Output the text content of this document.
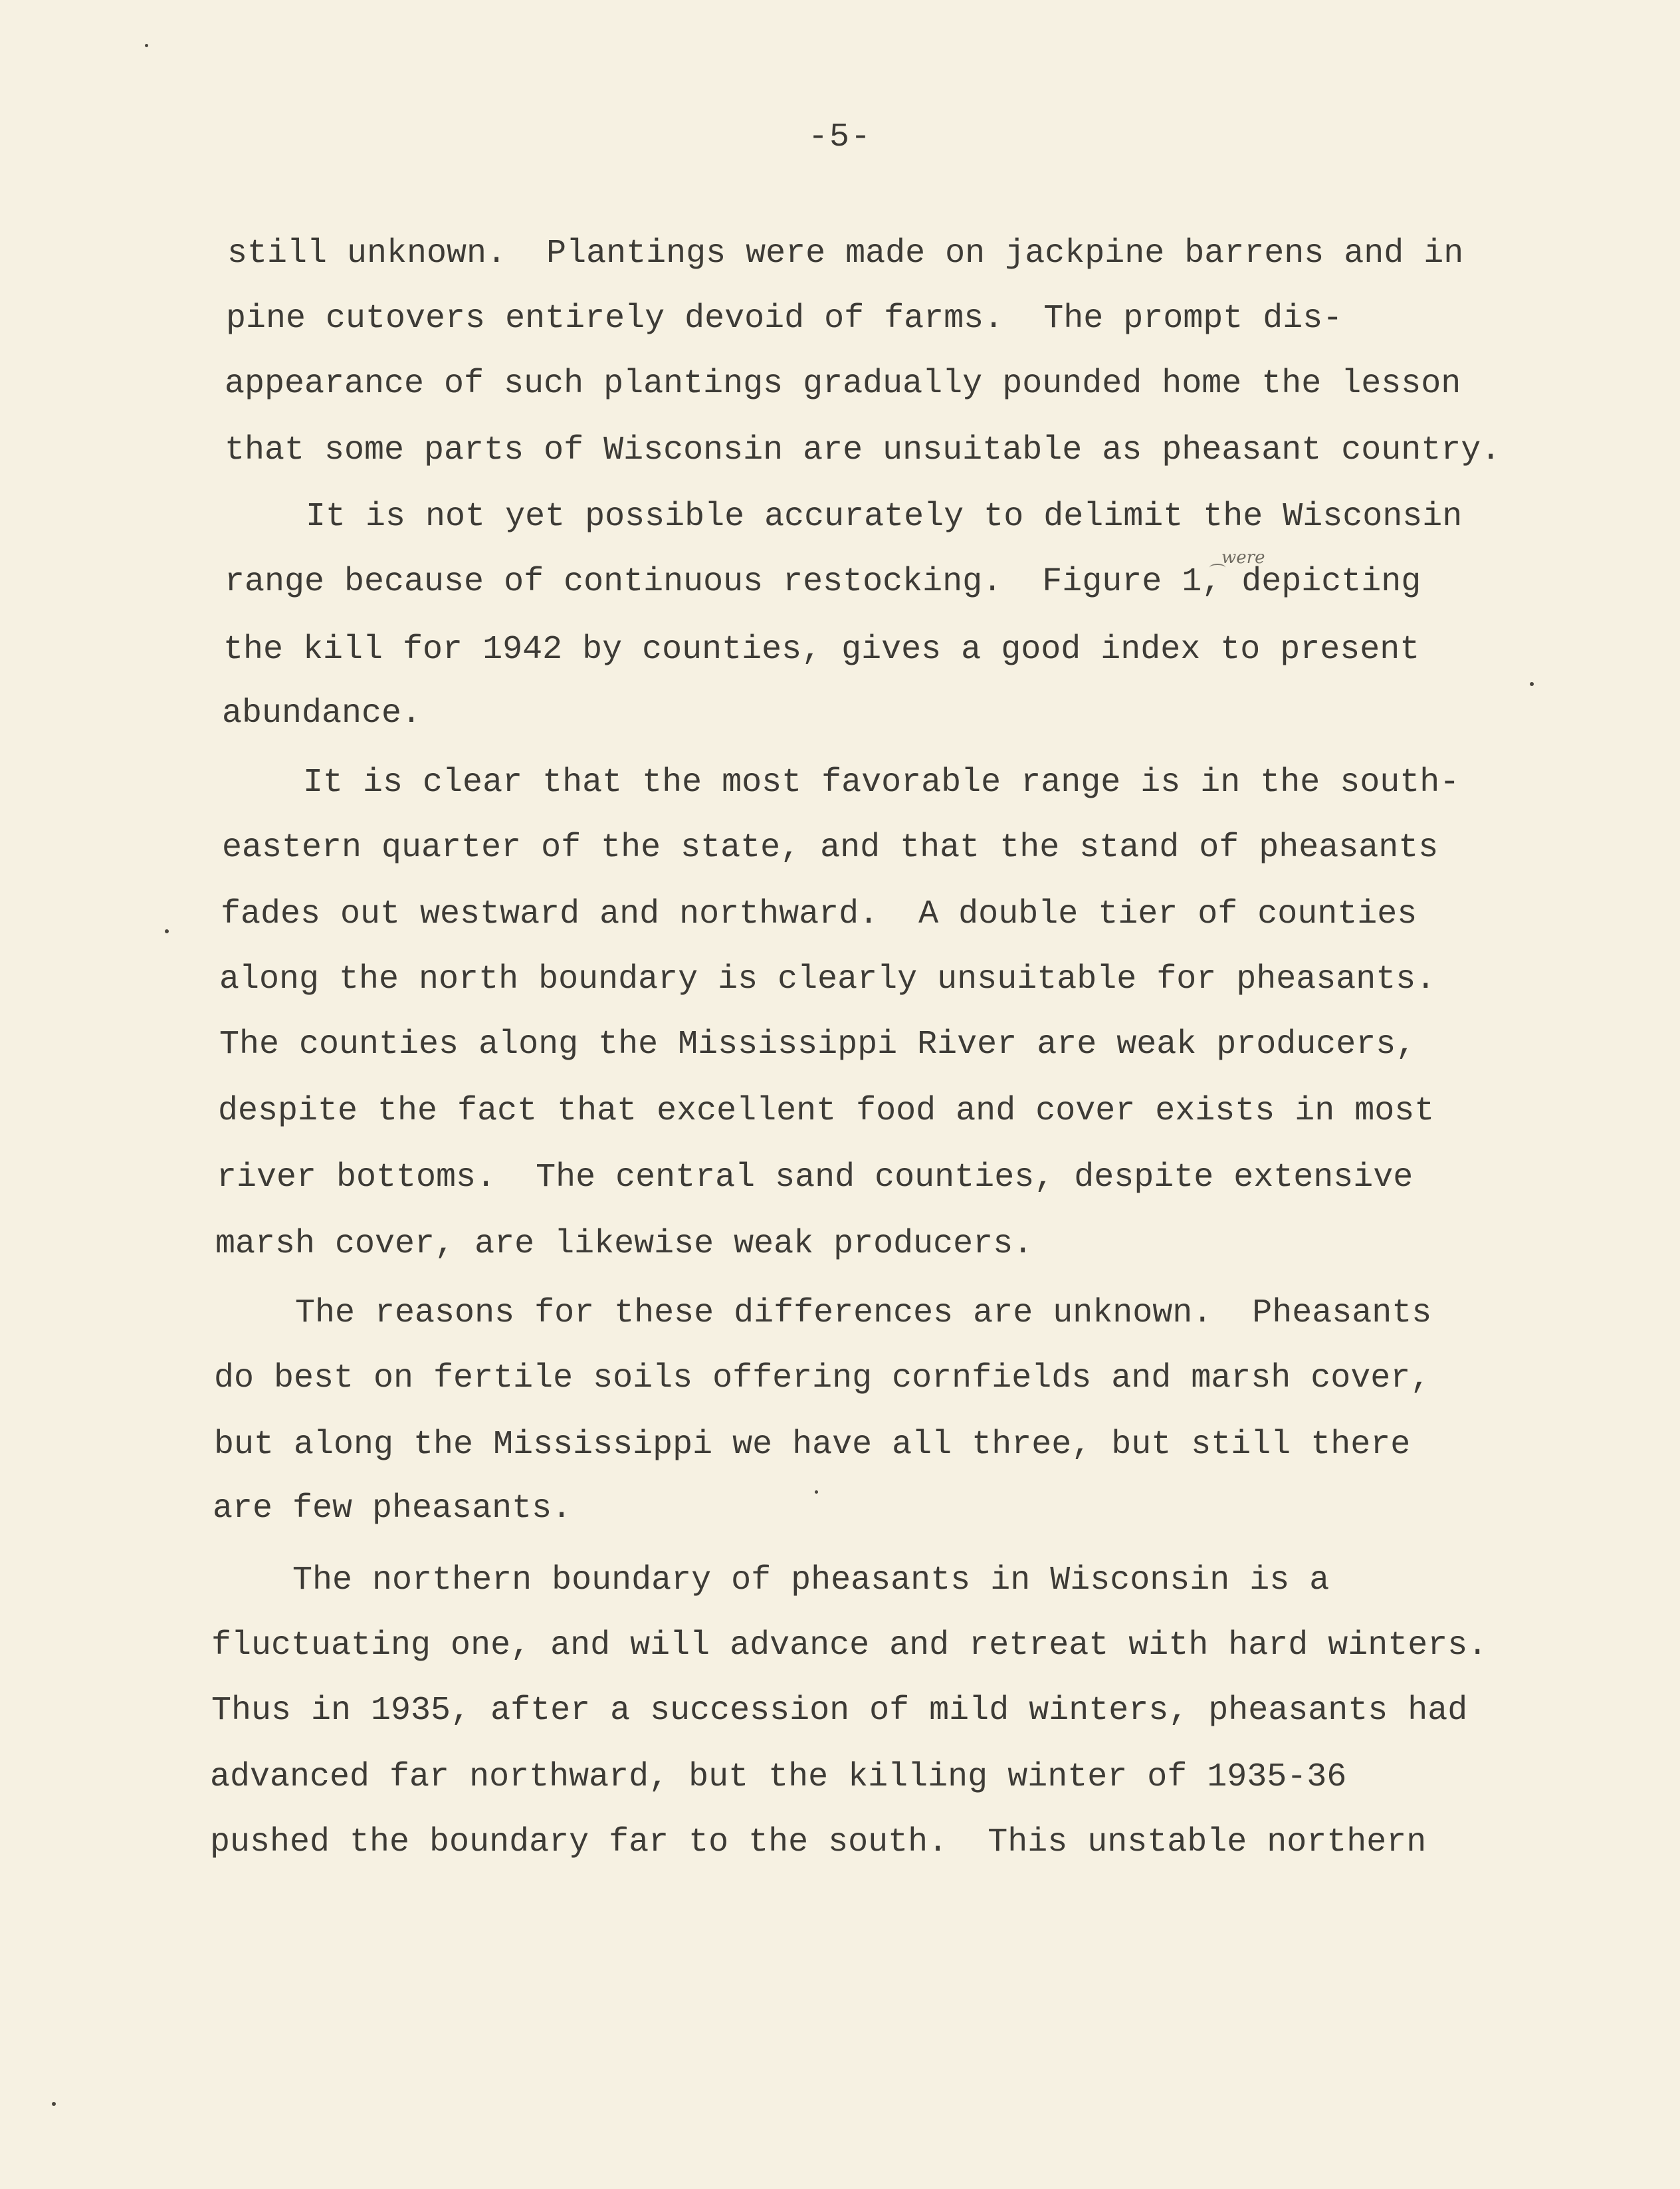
-5-
still unknown.  Plantings were made on jackpine barrens and in
pine cutovers entirely devoid of farms.  The prompt dis-
appearance of such plantings gradually pounded home the lesson
that some parts of Wisconsin are unsuitable as pheasant country.
It is not yet possible accurately to delimit the Wisconsin
range because of continuous restocking.  Figure 1, depicting
the kill for 1942 by counties, gives a good index to present
abundance.
It is clear that the most favorable range is in the south-
eastern quarter of the state, and that the stand of pheasants
fades out westward and northward.  A double tier of counties
along the north boundary is clearly unsuitable for pheasants.
The counties along the Mississippi River are weak producers,
despite the fact that excellent food and cover exists in most
river bottoms.  The central sand counties, despite extensive
marsh cover, are likewise weak producers.
The reasons for these differences are unknown.  Pheasants
do best on fertile soils offering cornfields and marsh cover,
but along the Mississippi we have all three, but still there
are few pheasants.
The northern boundary of pheasants in Wisconsin is a
fluctuating one, and will advance and retreat with hard winters.
Thus in 1935, after a succession of mild winters, pheasants had
advanced far northward, but the killing winter of 1935-36
pushed the boundary far to the south.  This unstable northern
were
